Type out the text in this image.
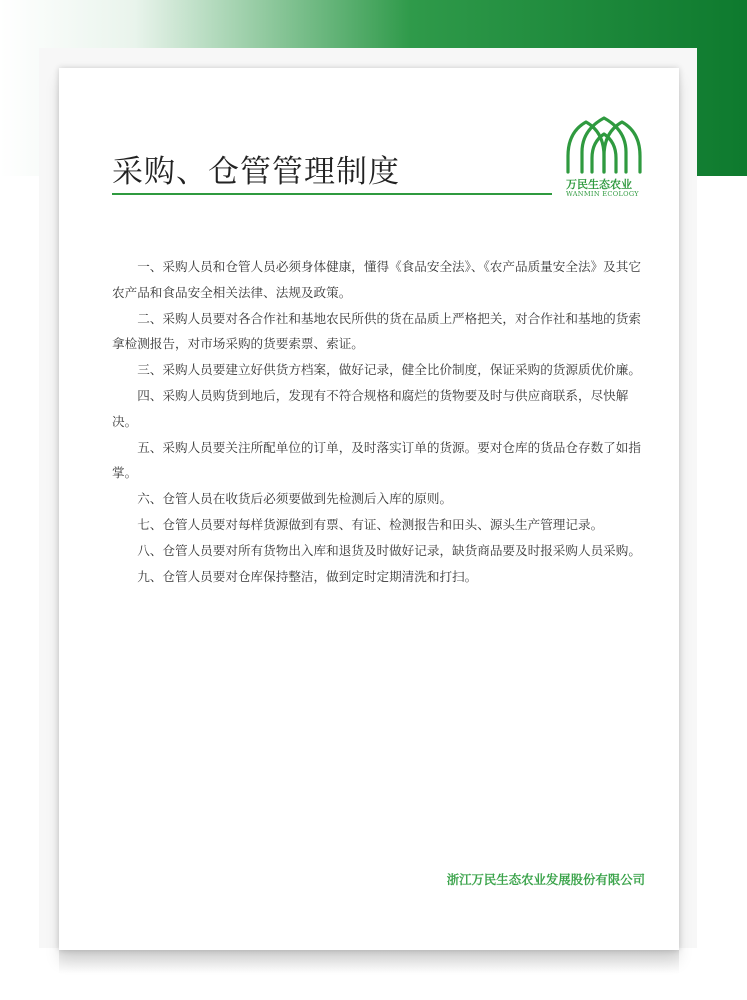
采购、仓管管理制度	万民生态农业
WANMIN ECOLOGY

一、采购人员和仓管人员必须身体健康，懂得《食品安全法》、《农产品质量安全法》及其它农产品和食品安全相关法律、法规及政策。

二、采购人员要对各合作社和基地农民所供的货在品质上严格把关，对合作社和基地的货索拿检测报告，对市场采购的货要索票、索证。

三、采购人员要建立好供货方档案，做好记录，健全比价制度，保证采购的货源质优价廉。

四、采购人员购货到地后，发现有不符合规格和腐烂的货物要及时与供应商联系，尽快解决。

五、采购人员要关注所配单位的订单，及时落实订单的货源。要对仓库的货品仓存数了如指掌。

六、仓管人员在收货后必须要做到先检测后入库的原则。

七、仓管人员要对每样货源做到有票、有证、检测报告和田头、源头生产管理记录。

八、仓管人员要对所有货物出入库和退货及时做好记录，缺货商品要及时报采购人员采购。

九、仓管人员要对仓库保持整洁，做到定时定期清洗和打扫。

浙江万民生态农业发展股份有限公司
